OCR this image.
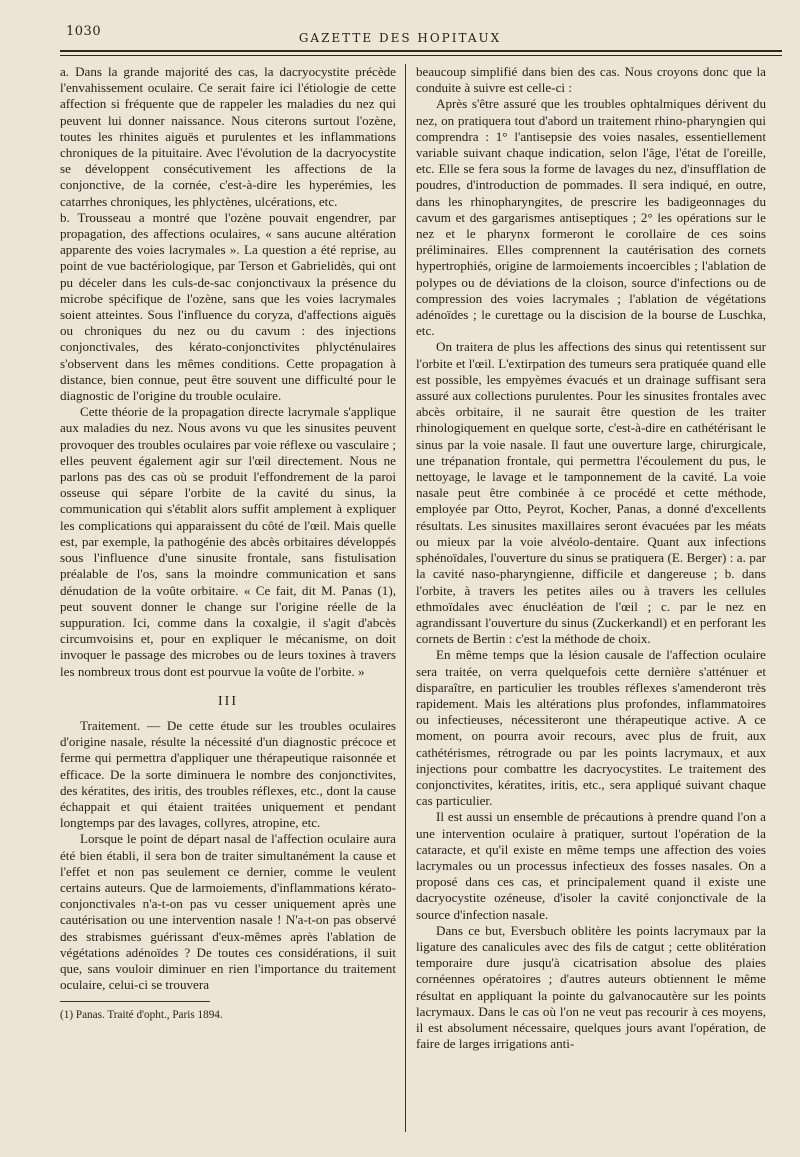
1030	GAZETTE DES HOPITAUX

a. Dans la grande majorité des cas, la dacryocystite précède l'envahissement oculaire. Ce serait faire ici l'étiologie de cette affection si fréquente que de rappeler les maladies du nez qui peuvent lui donner naissance. Nous citerons surtout l'ozène, toutes les rhinites aiguës et purulentes et les inflammations chroniques de la pituitaire. Avec l'évolution de la dacryocystite se développent consécutivement les affections de la conjonctive, de la cornée, c'est-à-dire les hyperémies, les catarrhes chroniques, les phlyctènes, ulcérations, etc.

b. Trousseau a montré que l'ozène pouvait engendrer, par propagation, des affections oculaires, « sans aucune altération apparente des voies lacrymales ». La question a été reprise, au point de vue bactériologique, par Terson et Gabrielidès, qui ont pu déceler dans les culs-de-sac conjonctivaux la présence du microbe spécifique de l'ozène, sans que les voies lacrymales soient atteintes. Sous l'influence du coryza, d'affections aiguës ou chroniques du nez ou du cavum : des injections conjonctivales, des kérato-conjonctivites phlycténulaires s'observent dans les mêmes conditions. Cette propagation à distance, bien connue, peut être souvent une difficulté pour le diagnostic de l'origine du trouble oculaire.

Cette théorie de la propagation directe lacrymale s'applique aux maladies du nez. Nous avons vu que les sinusites peuvent provoquer des troubles oculaires par voie réflexe ou vasculaire ; elles peuvent également agir sur l'œil directement. Nous ne parlons pas des cas où se produit l'effondrement de la paroi osseuse qui sépare l'orbite de la cavité du sinus, la communication qui s'établit alors suffit amplement à expliquer les complications qui apparaissent du côté de l'œil. Mais quelle est, par exemple, la pathogénie des abcès orbitaires développés sous l'influence d'une sinusite frontale, sans fistulisation préalable de l'os, sans la moindre communication et sans dénudation de la voûte orbitaire. « Ce fait, dit M. Panas (1), peut souvent donner le change sur l'origine réelle de la suppuration. Ici, comme dans la coxalgie, il s'agit d'abcès circumvoisins et, pour en expliquer le mécanisme, on doit invoquer le passage des microbes ou de leurs toxines à travers les nombreux trous dont est pourvue la voûte de l'orbite. »

III

Traitement. — De cette étude sur les troubles oculaires d'origine nasale, résulte la nécessité d'un diagnostic précoce et ferme qui permettra d'appliquer une thérapeutique raisonnée et efficace. De la sorte diminuera le nombre des conjonctivites, des kératites, des iritis, des troubles réflexes, etc., dont la cause échappait et qui étaient traitées uniquement et pendant longtemps par des lavages, collyres, atropine, etc.

Lorsque le point de départ nasal de l'affection oculaire aura été bien établi, il sera bon de traiter simultanément la cause et l'effet et non pas seulement ce dernier, comme le veulent certains auteurs. Que de larmoiements, d'inflammations kérato-conjonctivales n'a-t-on pas vu cesser uniquement après une cautérisation ou une intervention nasale ! N'a-t-on pas observé des strabismes guérissant d'eux-mêmes après l'ablation de végétations adénoïdes ? De toutes ces considérations, il suit que, sans vouloir diminuer en rien l'importance du traitement oculaire, celui-ci se trouvera

(1) Panas. Traité d'opht., Paris 1894.

beaucoup simplifié dans bien des cas. Nous croyons donc que la conduite à suivre est celle-ci :

Après s'être assuré que les troubles ophtalmiques dérivent du nez, on pratiquera tout d'abord un traitement rhino-pharyngien qui comprendra : 1° l'antisepsie des voies nasales, essentiellement variable suivant chaque indication, selon l'âge, l'état de l'oreille, etc. Elle se fera sous la forme de lavages du nez, d'insufflation de poudres, d'introduction de pommades. Il sera indiqué, en outre, dans les rhinopharyngites, de prescrire les badigeonnages du cavum et des gargarismes antiseptiques ; 2° les opérations sur le nez et le pharynx formeront le corollaire de ces soins préliminaires. Elles comprennent la cautérisation des cornets hypertrophiés, origine de larmoiements incoercibles ; l'ablation de polypes ou de déviations de la cloison, source d'infections ou de compression des voies lacrymales ; l'ablation de végétations adénoïdes ; le curettage ou la discision de la bourse de Luschka, etc.

On traitera de plus les affections des sinus qui retentissent sur l'orbite et l'œil. L'extirpation des tumeurs sera pratiquée quand elle est possible, les empyèmes évacués et un drainage suffisant sera assuré aux collections purulentes. Pour les sinusites frontales avec abcès orbitaire, il ne saurait être question de les traiter rhinologiquement en quelque sorte, c'est-à-dire en cathétérisant le sinus par la voie nasale. Il faut une ouverture large, chirurgicale, une trépanation frontale, qui permettra l'écoulement du pus, le nettoyage, le lavage et le tamponnement de la cavité. La voie nasale peut être combinée à ce procédé et cette méthode, employée par Otto, Peyrot, Kocher, Panas, a donné d'excellents résultats. Les sinusites maxillaires seront évacuées par les méats ou mieux par la voie alvéolo-dentaire. Quant aux infections sphénoïdales, l'ouverture du sinus se pratiquera (E. Berger) : a. par la cavité naso-pharyngienne, difficile et dangereuse ; b. dans l'orbite, à travers les petites ailes ou à travers les cellules ethmoïdales avec énucléation de l'œil ; c. par le nez en agrandissant l'ouverture du sinus (Zuckerkandl) et en perforant les cornets de Bertin : c'est la méthode de choix.

En même temps que la lésion causale de l'affection oculaire sera traitée, on verra quelquefois cette dernière s'atténuer et disparaître, en particulier les troubles réflexes s'amenderont très rapidement. Mais les altérations plus profondes, inflammatoires ou infectieuses, nécessiteront une thérapeutique active. A ce moment, on pourra avoir recours, avec plus de fruit, aux cathétérismes, rétrograde ou par les points lacrymaux, et aux injections pour combattre les dacryocystites. Le traitement des conjonctivites, kératites, iritis, etc., sera appliqué suivant chaque cas particulier.

Il est aussi un ensemble de précautions à prendre quand l'on a une intervention oculaire à pratiquer, surtout l'opération de la cataracte, et qu'il existe en même temps une affection des voies lacrymales ou un processus infectieux des fosses nasales. On a proposé dans ces cas, et principalement quand il existe une dacryocystite ozéneuse, d'isoler la cavité conjonctivale de la source d'infection nasale.

Dans ce but, Eversbuch oblitère les points lacrymaux par la ligature des canalicules avec des fils de catgut ; cette oblitération temporaire dure jusqu'à cicatrisation absolue des plaies cornéennes opératoires ; d'autres auteurs obtiennent le même résultat en appliquant la pointe du galvanocautère sur les points lacrymaux. Dans le cas où l'on ne veut pas recourir à ces moyens, il est absolument nécessaire, quelques jours avant l'opération, de faire de larges irrigations anti-
